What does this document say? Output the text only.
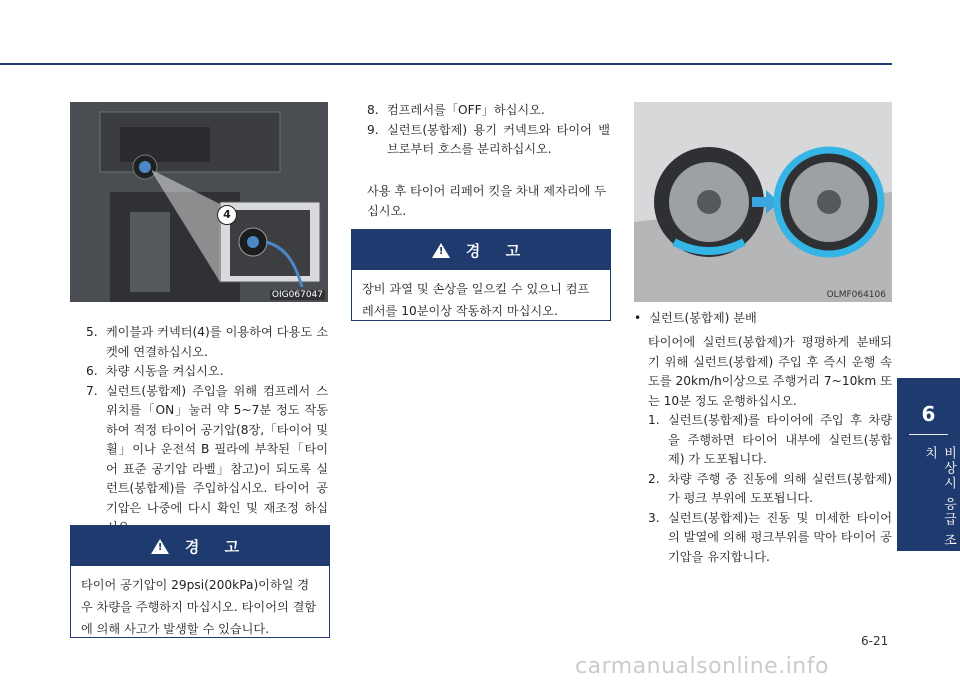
4
OIG067047
5. 케이블과 커넥터(4)를 이용하여 다용도 소켓에 연결하십시오.
6. 차량 시동을 켜십시오.
7. 실런트(봉합제) 주입을 위해 컴프레서 스위치를「ON」눌러 약 5~7분 정도 작동하여 적정 타이어 공기압(8장,「타이어 및 휠」이나 운전석 B 필라에 부착된「타이어 표준 공기압 라벨」참고)이 되도록 실런트(봉합제)를 주입하십시오. 타이어 공기압은 나중에 다시 확인 및 재조정 하십
! 경 고
타이어 공기압이 29psi(200kPa)이하일 경우 차량을 주행하지 마십시오. 타이어의 결함에 의해 사고가 발생할 수 있습니다.
8. 컴프레서를「OFF」하십시오.
9. 실런트(봉합제) 용기 커넥트와 타이어 밸브로부터 호스를 분리하십시오.
사용 후 타이어 리페어 킷을 차내 제자리에 두십시오.
! 경 고
장비 과열 및 손상을 일으킬 수 있으니 컴프레서를 10분이상 작동하지 마십시오.
OLMF064106
• 실런트(봉합제) 분배
타이어에 실런트(봉합제)가 평평하게 분배되기 위해 실런트(봉합제) 주입 후 즉시 운행 속도를 20km/h이상으로 주행거리 7~10km 또는 10분 정도 운행하십시오.
1. 실런트(봉합제)를 타이어에 주입 후 차량을 주행하면 타이어 내부에 실런트(봉합제) 가 도포됩니다.
2. 차량 주행 중 진동에 의해 실런트(봉합제) 가 펑크 부위에 도포됩니다.
3. 실런트(봉합제)는 진동 및 미세한 타이어의 발열에 의해 펑크부위를 막아 타이어 공기압을 유지합니다.
6
비상시 응급 조치
6-21
carmanualsonline.info
